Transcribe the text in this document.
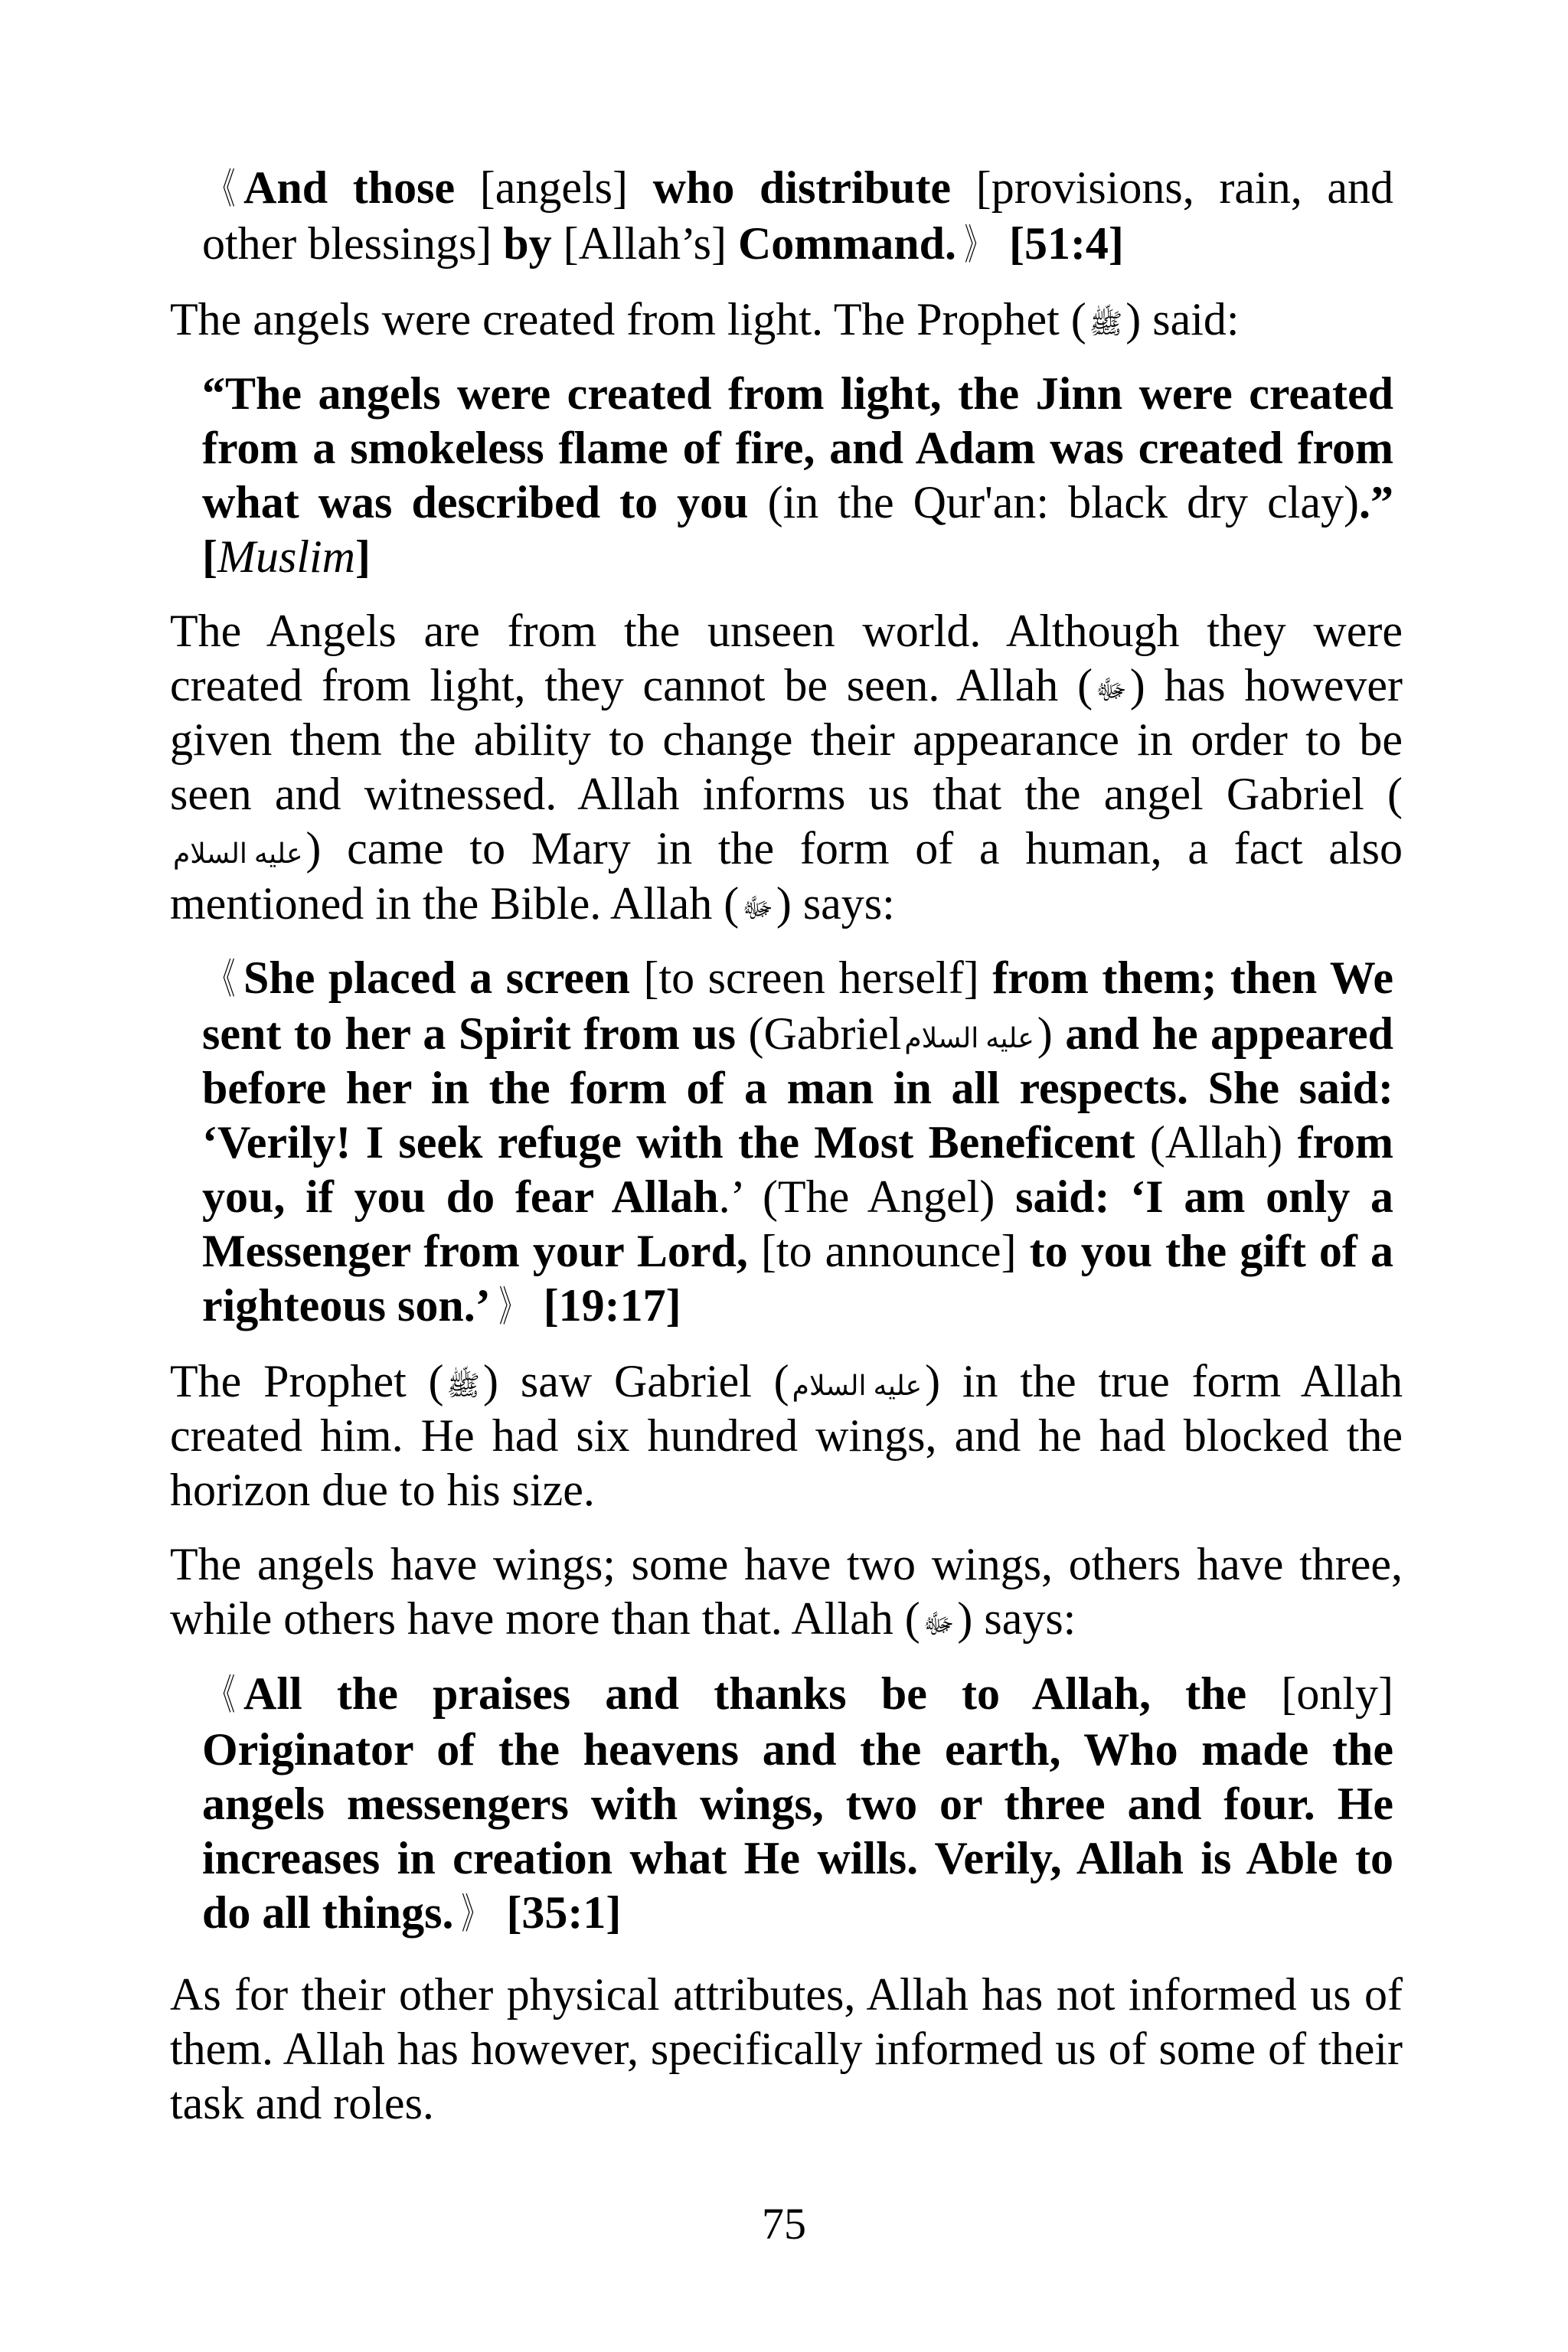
《 And those [angels] who distribute [provisions, rain, and other blessings] by [Allah’s] Command. 》 [51:4]

The angels were created from light. The Prophet ( ﷺ) said:

“The angels were created from light, the Jinn were created from a smokeless flame of fire, and Adam was created from what was described to you (in the Qur'an: black dry clay).” [Muslim]

The Angels are from the unseen world. Although they were created from light, they cannot be seen. Allah ( ﷻ) has however given them the ability to change their appearance in order to be seen and witnessed. Allah informs us that the angel Gabriel (عليه السلام) came to Mary in the form of a human, a fact also mentioned in the Bible. Allah ( ﷻ) says:

《 She placed a screen [to screen herself] from them; then We sent to her a Spirit from us (Gabriel عليه السلام) and he appeared before her in the form of a man in all respects. She said: ‘Verily! I seek refuge with the Most Beneficent (Allah) from you, if you do fear Allah.’ (The Angel) said: ‘I am only a Messenger from your Lord, [to announce] to you the gift of a righteous son.’ 》 [19:17]

The Prophet ( ﷺ) saw Gabriel ( عليه السلام) in the true form Allah created him. He had six hundred wings, and he had blocked the horizon due to his size.

The angels have wings; some have two wings, others have three, while others have more than that. Allah ( ﷻ) says:

《 All the praises and thanks be to Allah, the [only] Originator of the heavens and the earth, Who made the angels messengers with wings, two or three and four. He increases in creation what He wills. Verily, Allah is Able to do all things. 》 [35:1]

As for their other physical attributes, Allah has not informed us of them. Allah has however, specifically informed us of some of their task and roles.

75
